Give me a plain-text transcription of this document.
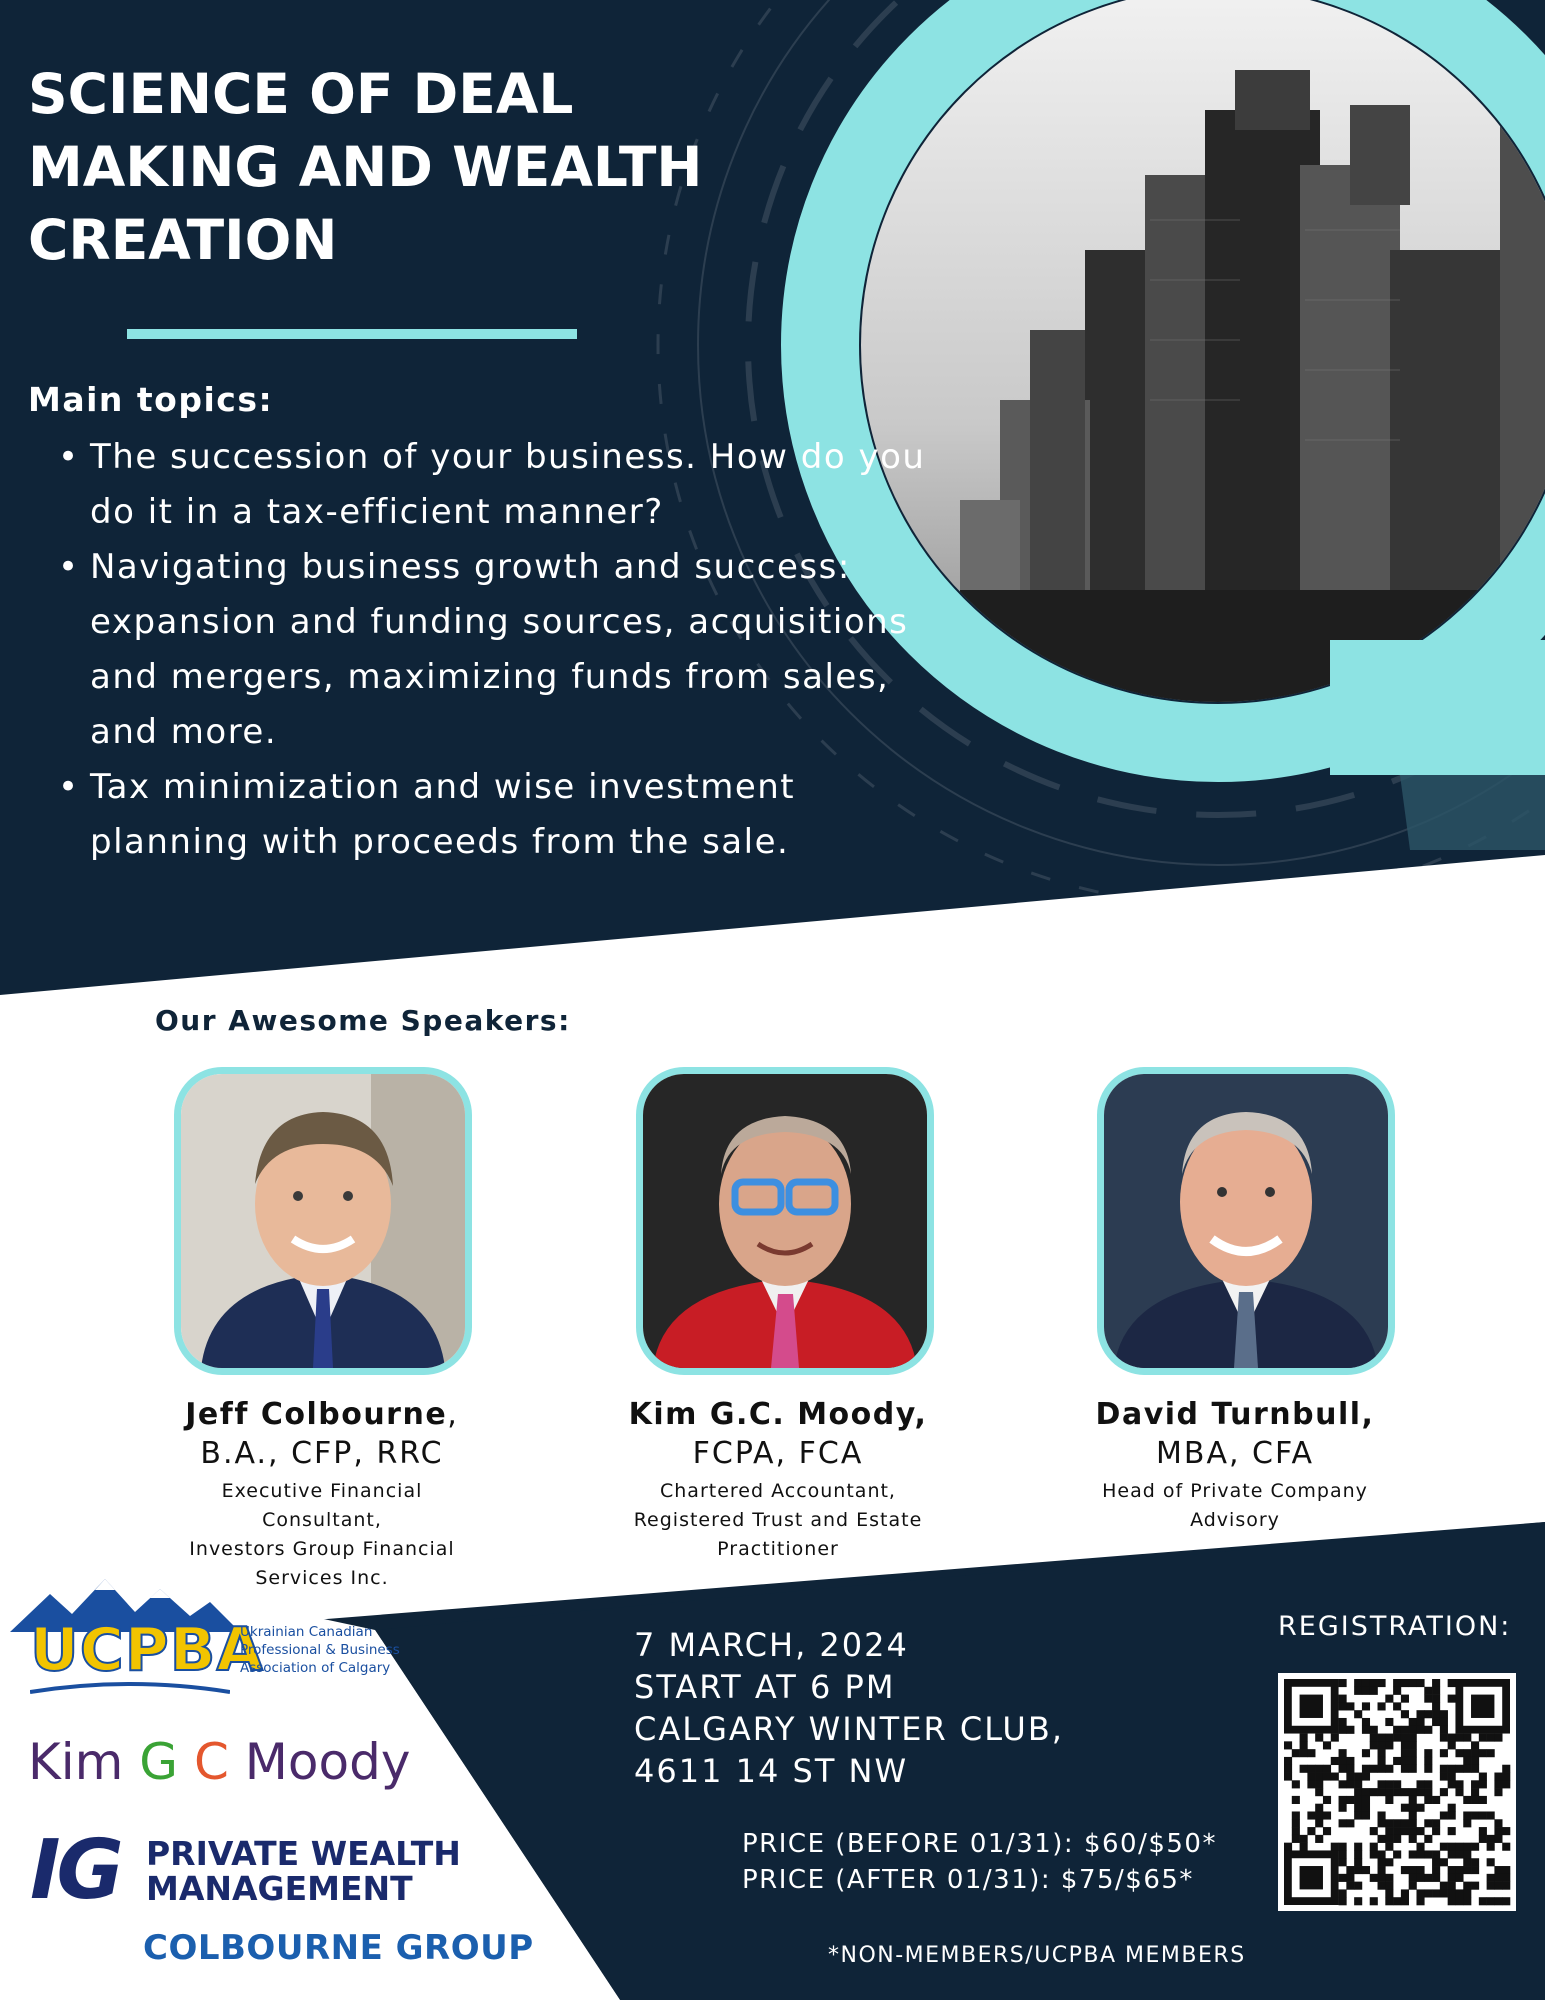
SCIENCE OF DEAL MAKING AND WEALTH CREATION
Main topics:
• The succession of your business. How do you do it in a tax-efficient manner?
• Navigating business growth and success: expansion and funding sources, acquisitions and mergers, maximizing funds from sales, and more.
• Tax minimization and wise investment planning with proceeds from the sale.
Our Awesome Speakers:
Jeff Colbourne,
B.A., CFP, RRC
Executive Financial
Consultant,
Investors Group Financial
Services Inc.
Kim G.C. Moody,
FCPA, FCA
Chartered Accountant,
Registered Trust and Estate
Practitioner
David Turnbull,
MBA, CFA
Head of Private Company
Advisory
7 MARCH, 2024
START AT 6 PM
CALGARY WINTER CLUB,
4611 14 ST NW
PRICE (BEFORE 01/31): $60/$50*
PRICE (AFTER 01/31): $75/$65*
*NON-MEMBERS/UCPBA MEMBERS
REGISTRATION:
UCPBA
Ukrainian Canadian
Professional & Business
Association of Calgary
Kim G C Moody
IG PRIVATE WEALTH
MANAGEMENT
COLBOURNE GROUP
